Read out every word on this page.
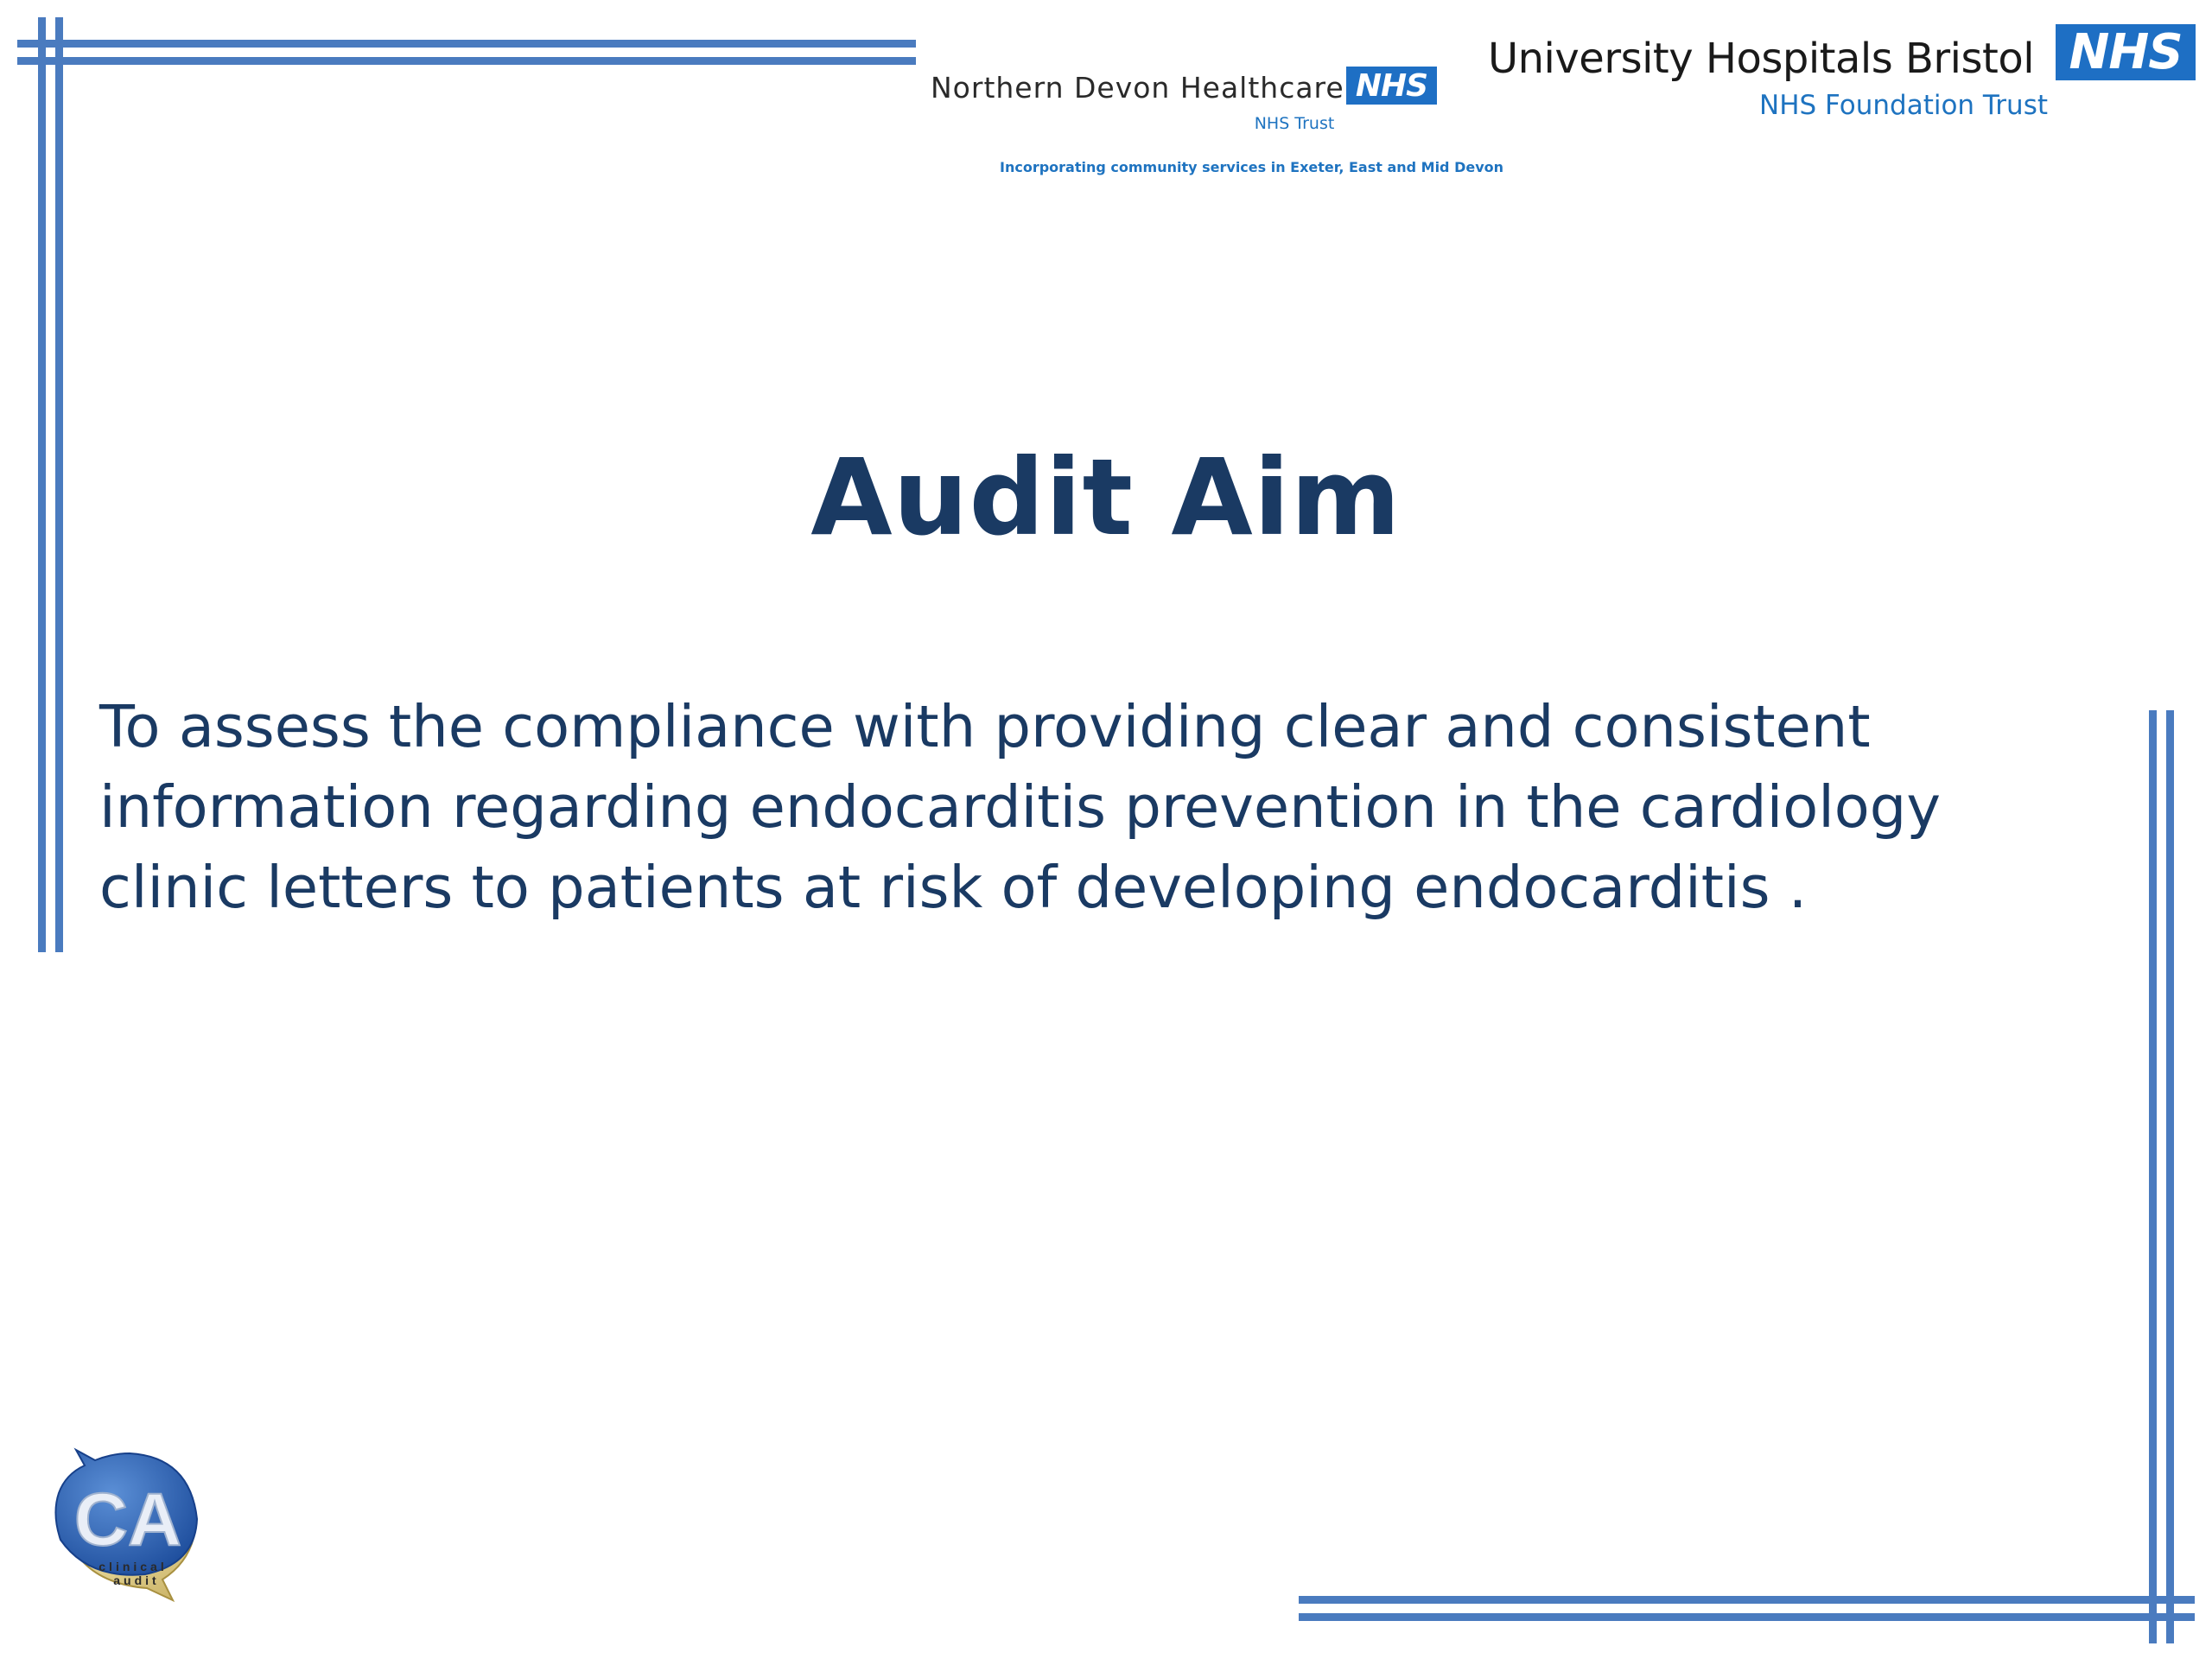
Northern Devon Healthcare NHS
NHS Trust
Incorporating community services in Exeter, East and Mid Devon
University Hospitals Bristol NHS
NHS Foundation Trust
Audit Aim
To assess the compliance with providing clear and consistent information regarding endocarditis prevention in the cardiology clinic letters to patients at risk of developing endocarditis .
CA
clinical
audit
